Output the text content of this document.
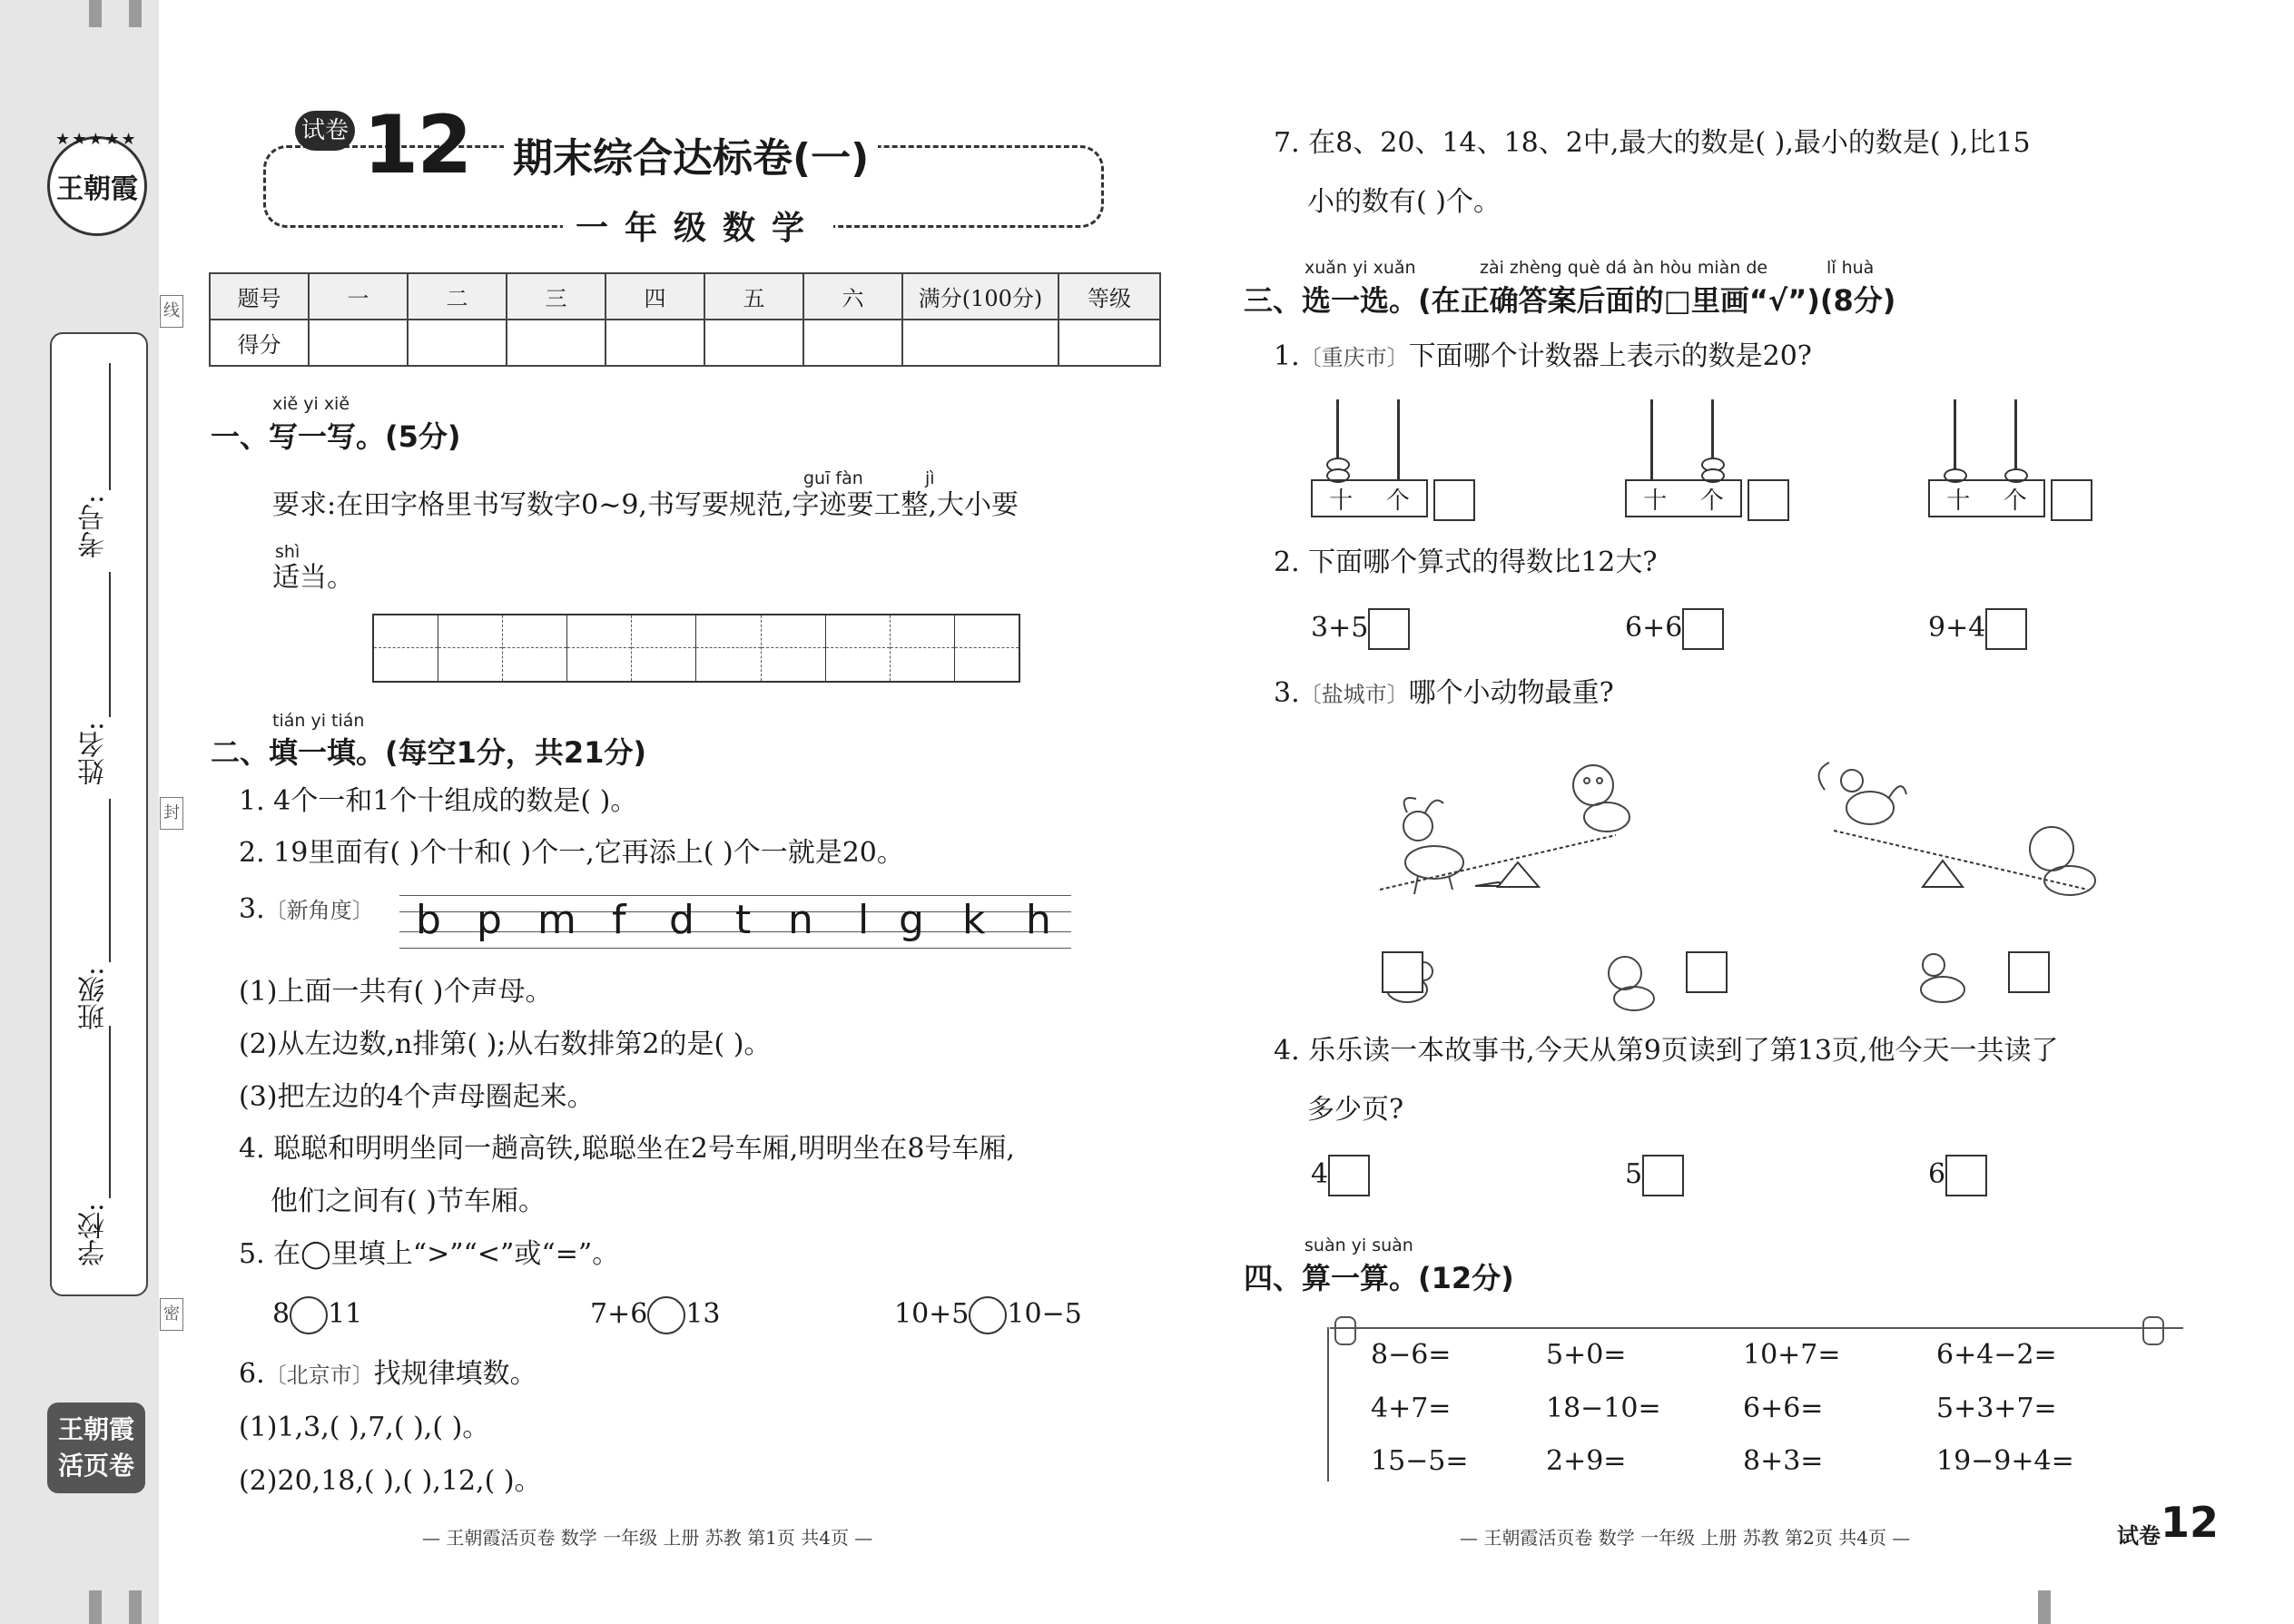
★★★★★
王朝霞
考号:
姓名:
班级:
学校:
线
封
密
王朝霞
活页卷
试卷 12 期末综合达标卷(一)
一年级数学
题号	一	二	三	四	五	六	满分(100分)	等级
得分								
xiě yi xiě
一、写一写。(5分)
guī fàn	jì
要求:在田字格里书写数字0~9,书写要规范,字迹要工整,大小要
shì
适当。
tián yi tián
二、填一填。(每空1分，共21分)
1. 4个一和1个十组成的数是( )。
2. 19里面有( )个十和( )个一,它再添上( )个一就是20。
3.〔新角度〕 b p m f d t n l g k h
(1)上面一共有( )个声母。
(2)从左边数,n排第( );从右数排第2的是( )。
(3)把左边的4个声母圈起来。
4. 聪聪和明明坐同一趟高铁,聪聪坐在2号车厢,明明坐在8号车厢,
他们之间有( )节车厢。
5. 在◯里填上“>”“<”或“=”。
8 11	7+6 13	10+5 10−5
6.〔北京市〕找规律填数。
(1)1,3,( ),7,( ),( )。
(2)20,18,( ),( ),12,( )。
— 王朝霞活页卷 数学 一年级 上册 苏教 第1页 共4页 —
7. 在8、20、14、18、2中,最大的数是( ),最小的数是( ),比15
小的数有( )个。
xuǎn yi xuǎn	zài zhèng què dá àn hòu miàn de	lǐ huà
三、选一选。(在正确答案后面的□里画“√”)(8分)
1.〔重庆市〕下面哪个计数器上表示的数是20?
十 个	十 个	十 个
2. 下面哪个算式的得数比12大?
3+5	6+6	9+4
3.〔盐城市〕哪个小动物最重?
4. 乐乐读一本故事书,今天从第9页读到了第13页,他今天一共读了
多少页?
4	5	6
suàn yi suàn
四、算一算。(12分)
8−6=	5+0=	10+7=	6+4−2=
4+7=	18−10=	6+6=	5+3+7=
15−5=	2+9=	8+3=	19−9+4=
— 王朝霞活页卷 数学 一年级 上册 苏教 第2页 共4页 —	试卷 12
